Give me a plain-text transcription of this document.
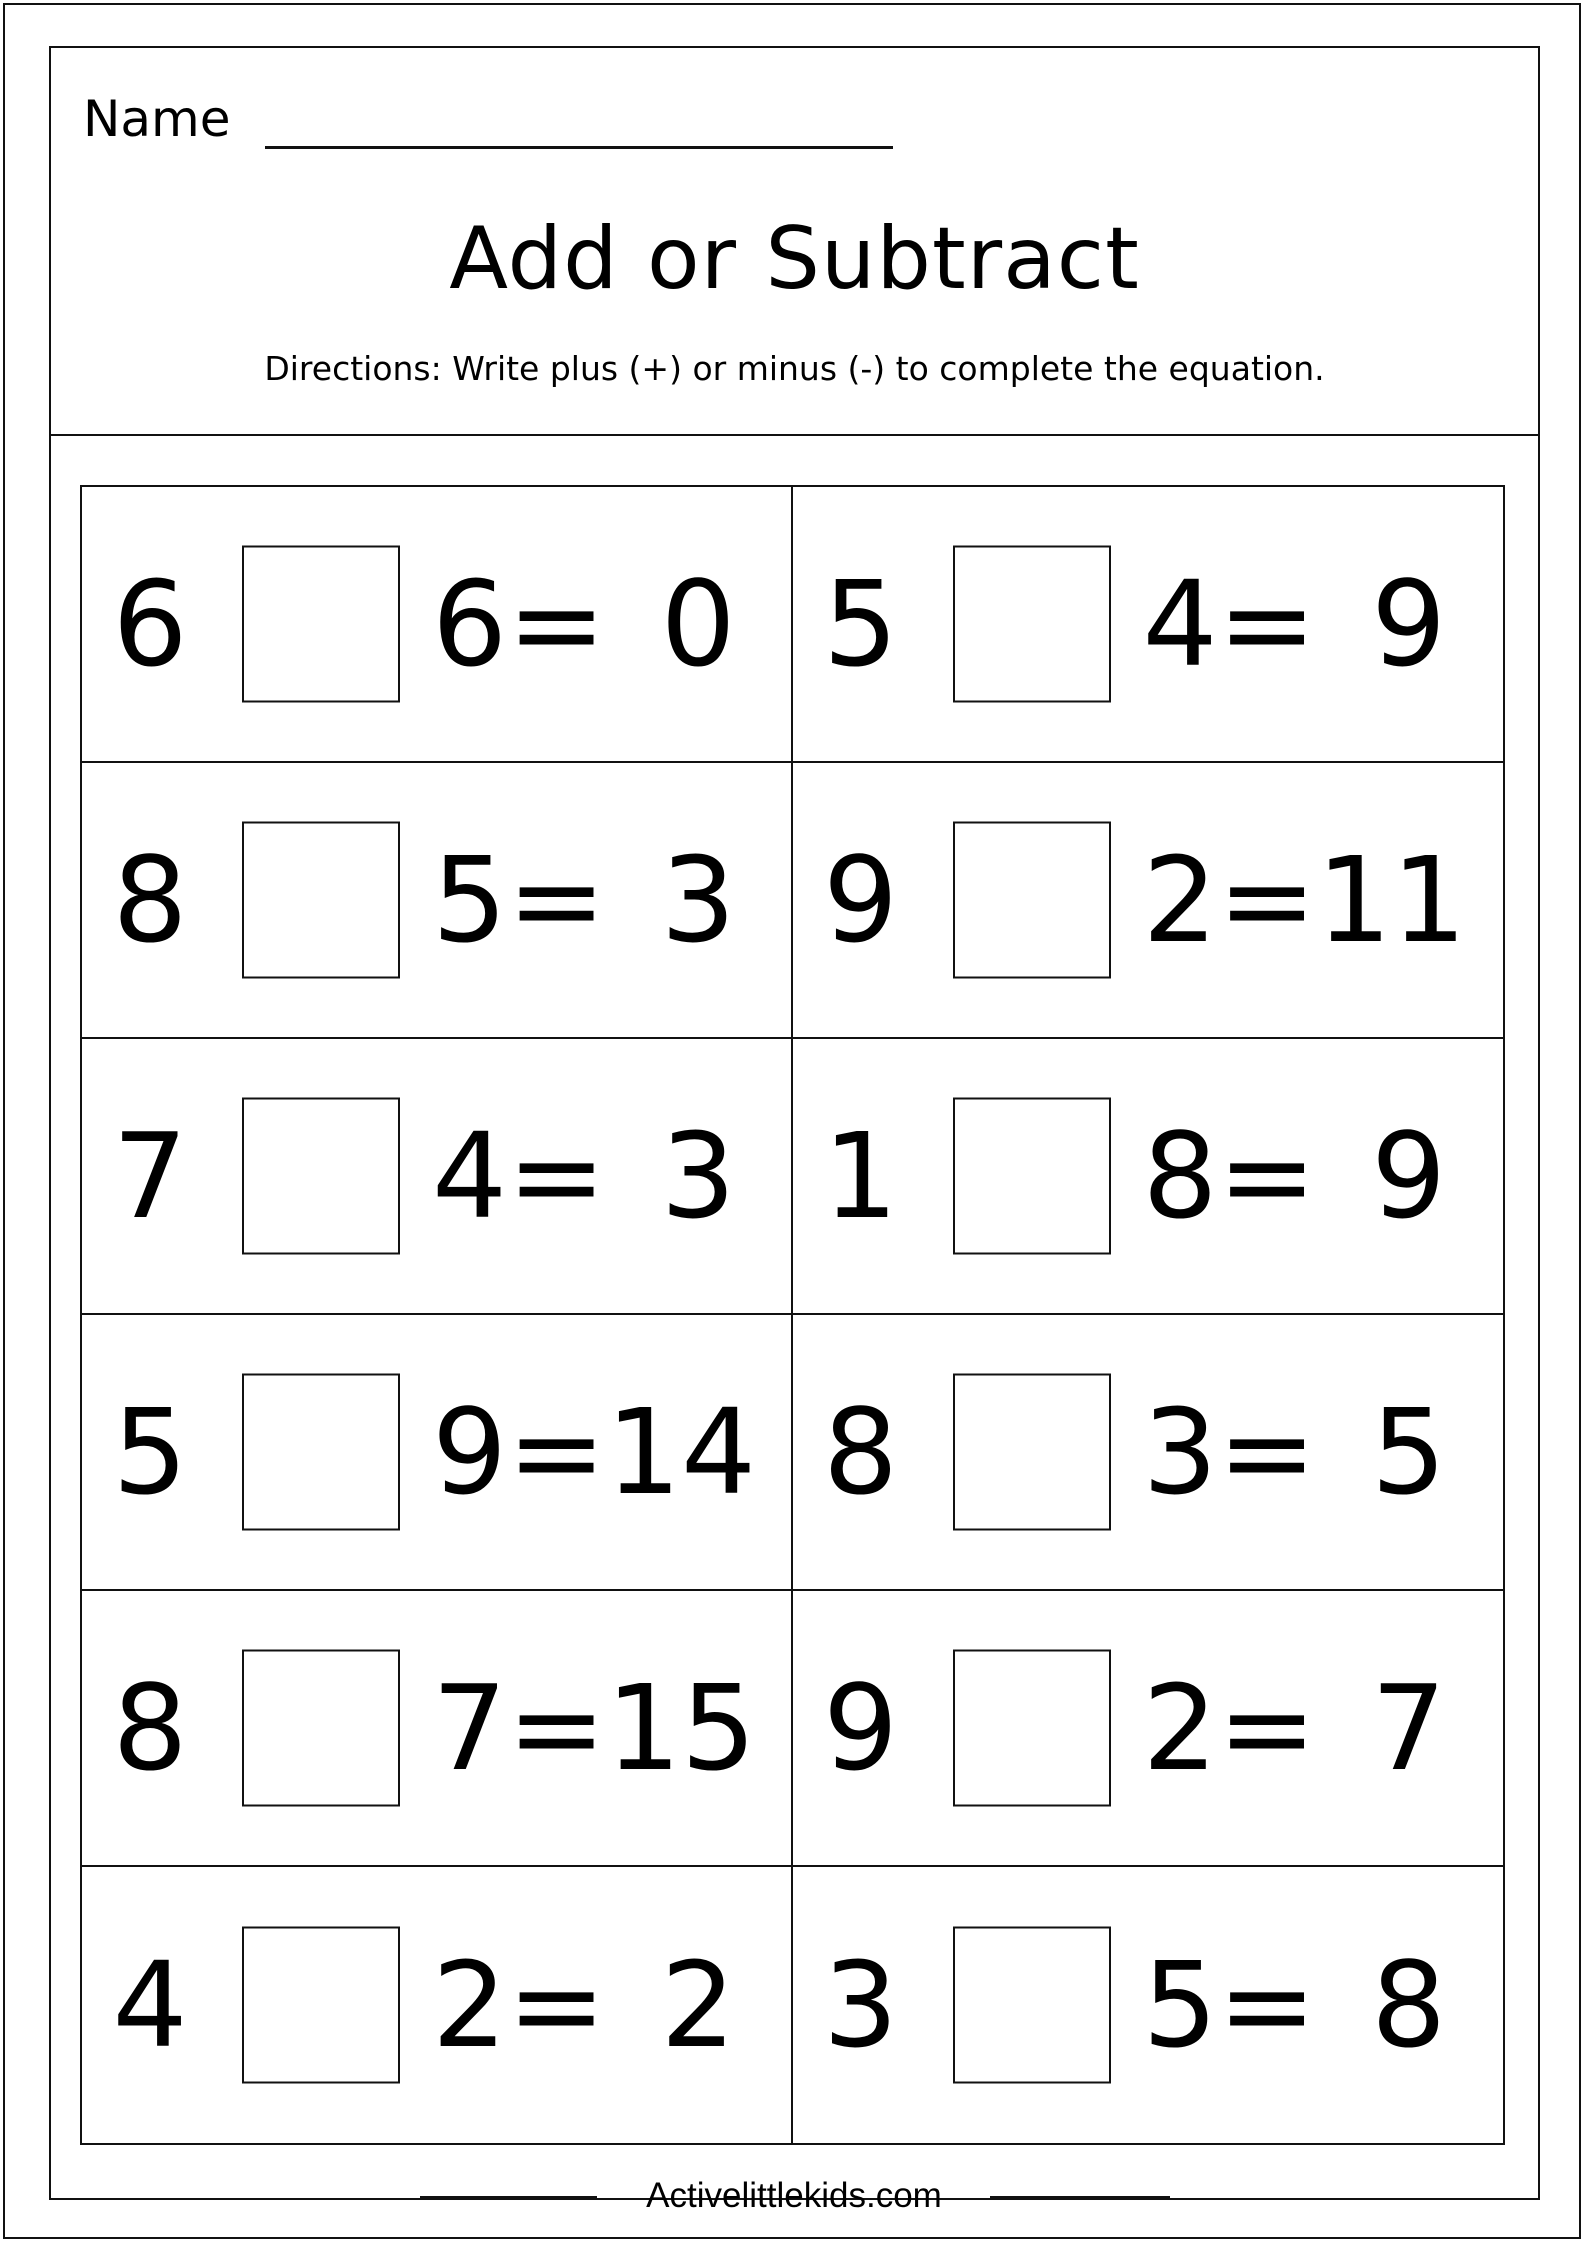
Name
Add or Subtract
Directions: Write plus (+) or minus (-) to complete the equation.
6 6= 0 5 4= 9
8 5= 3 9 2=11
7 4= 3 1 8= 9
5 9=14 8 3= 5
8 7=15 9 2= 7
4 2= 2 3 5= 8
Activelittlekids.com
